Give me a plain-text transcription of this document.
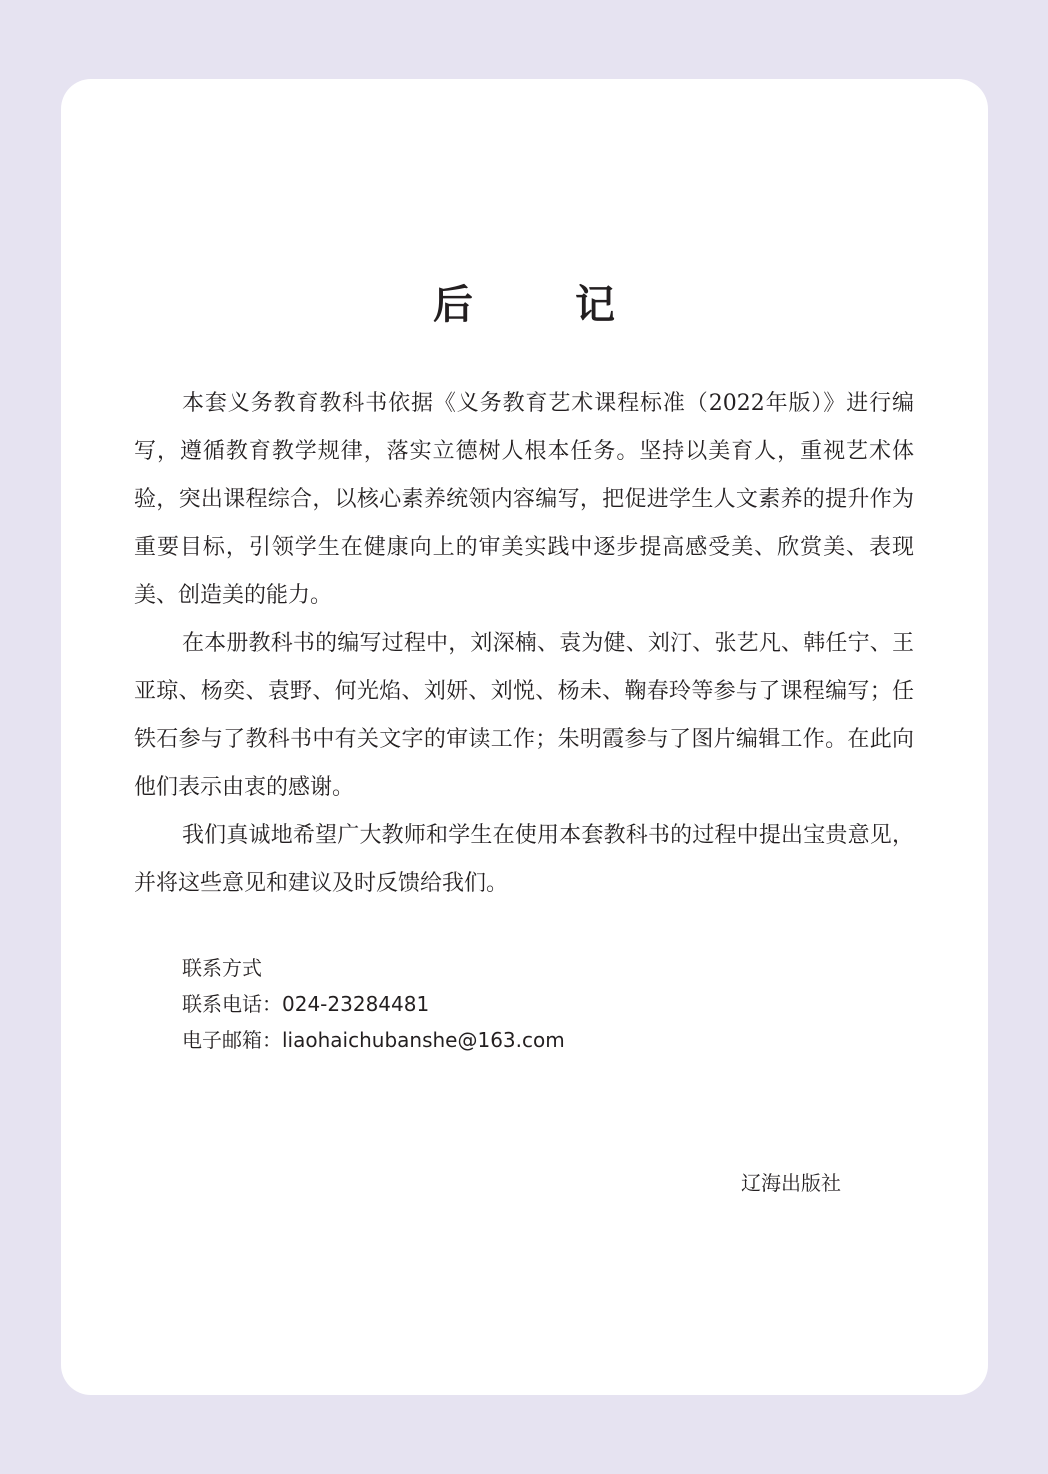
后 记

本套义务教育教科书依据《义务教育艺术课程标准（2022年版）》进行编写，遵循教育教学规律，落实立德树人根本任务。坚持以美育人，重视艺术体验，突出课程综合，以核心素养统领内容编写，把促进学生人文素养的提升作为重要目标，引领学生在健康向上的审美实践中逐步提高感受美、欣赏美、表现美、创造美的能力。

在本册教科书的编写过程中，刘深楠、袁为健、刘汀、张艺凡、韩任宁、王亚琼、杨奕、袁野、何光焰、刘妍、刘悦、杨未、鞠春玲等参与了课程编写；任铁石参与了教科书中有关文字的审读工作；朱明霞参与了图片编辑工作。在此向他们表示由衷的感谢。

我们真诚地希望广大教师和学生在使用本套教科书的过程中提出宝贵意见，并将这些意见和建议及时反馈给我们。

联系方式
联系电话：024-23284481
电子邮箱：liaohaichubanshe@163.com
辽海出版社
